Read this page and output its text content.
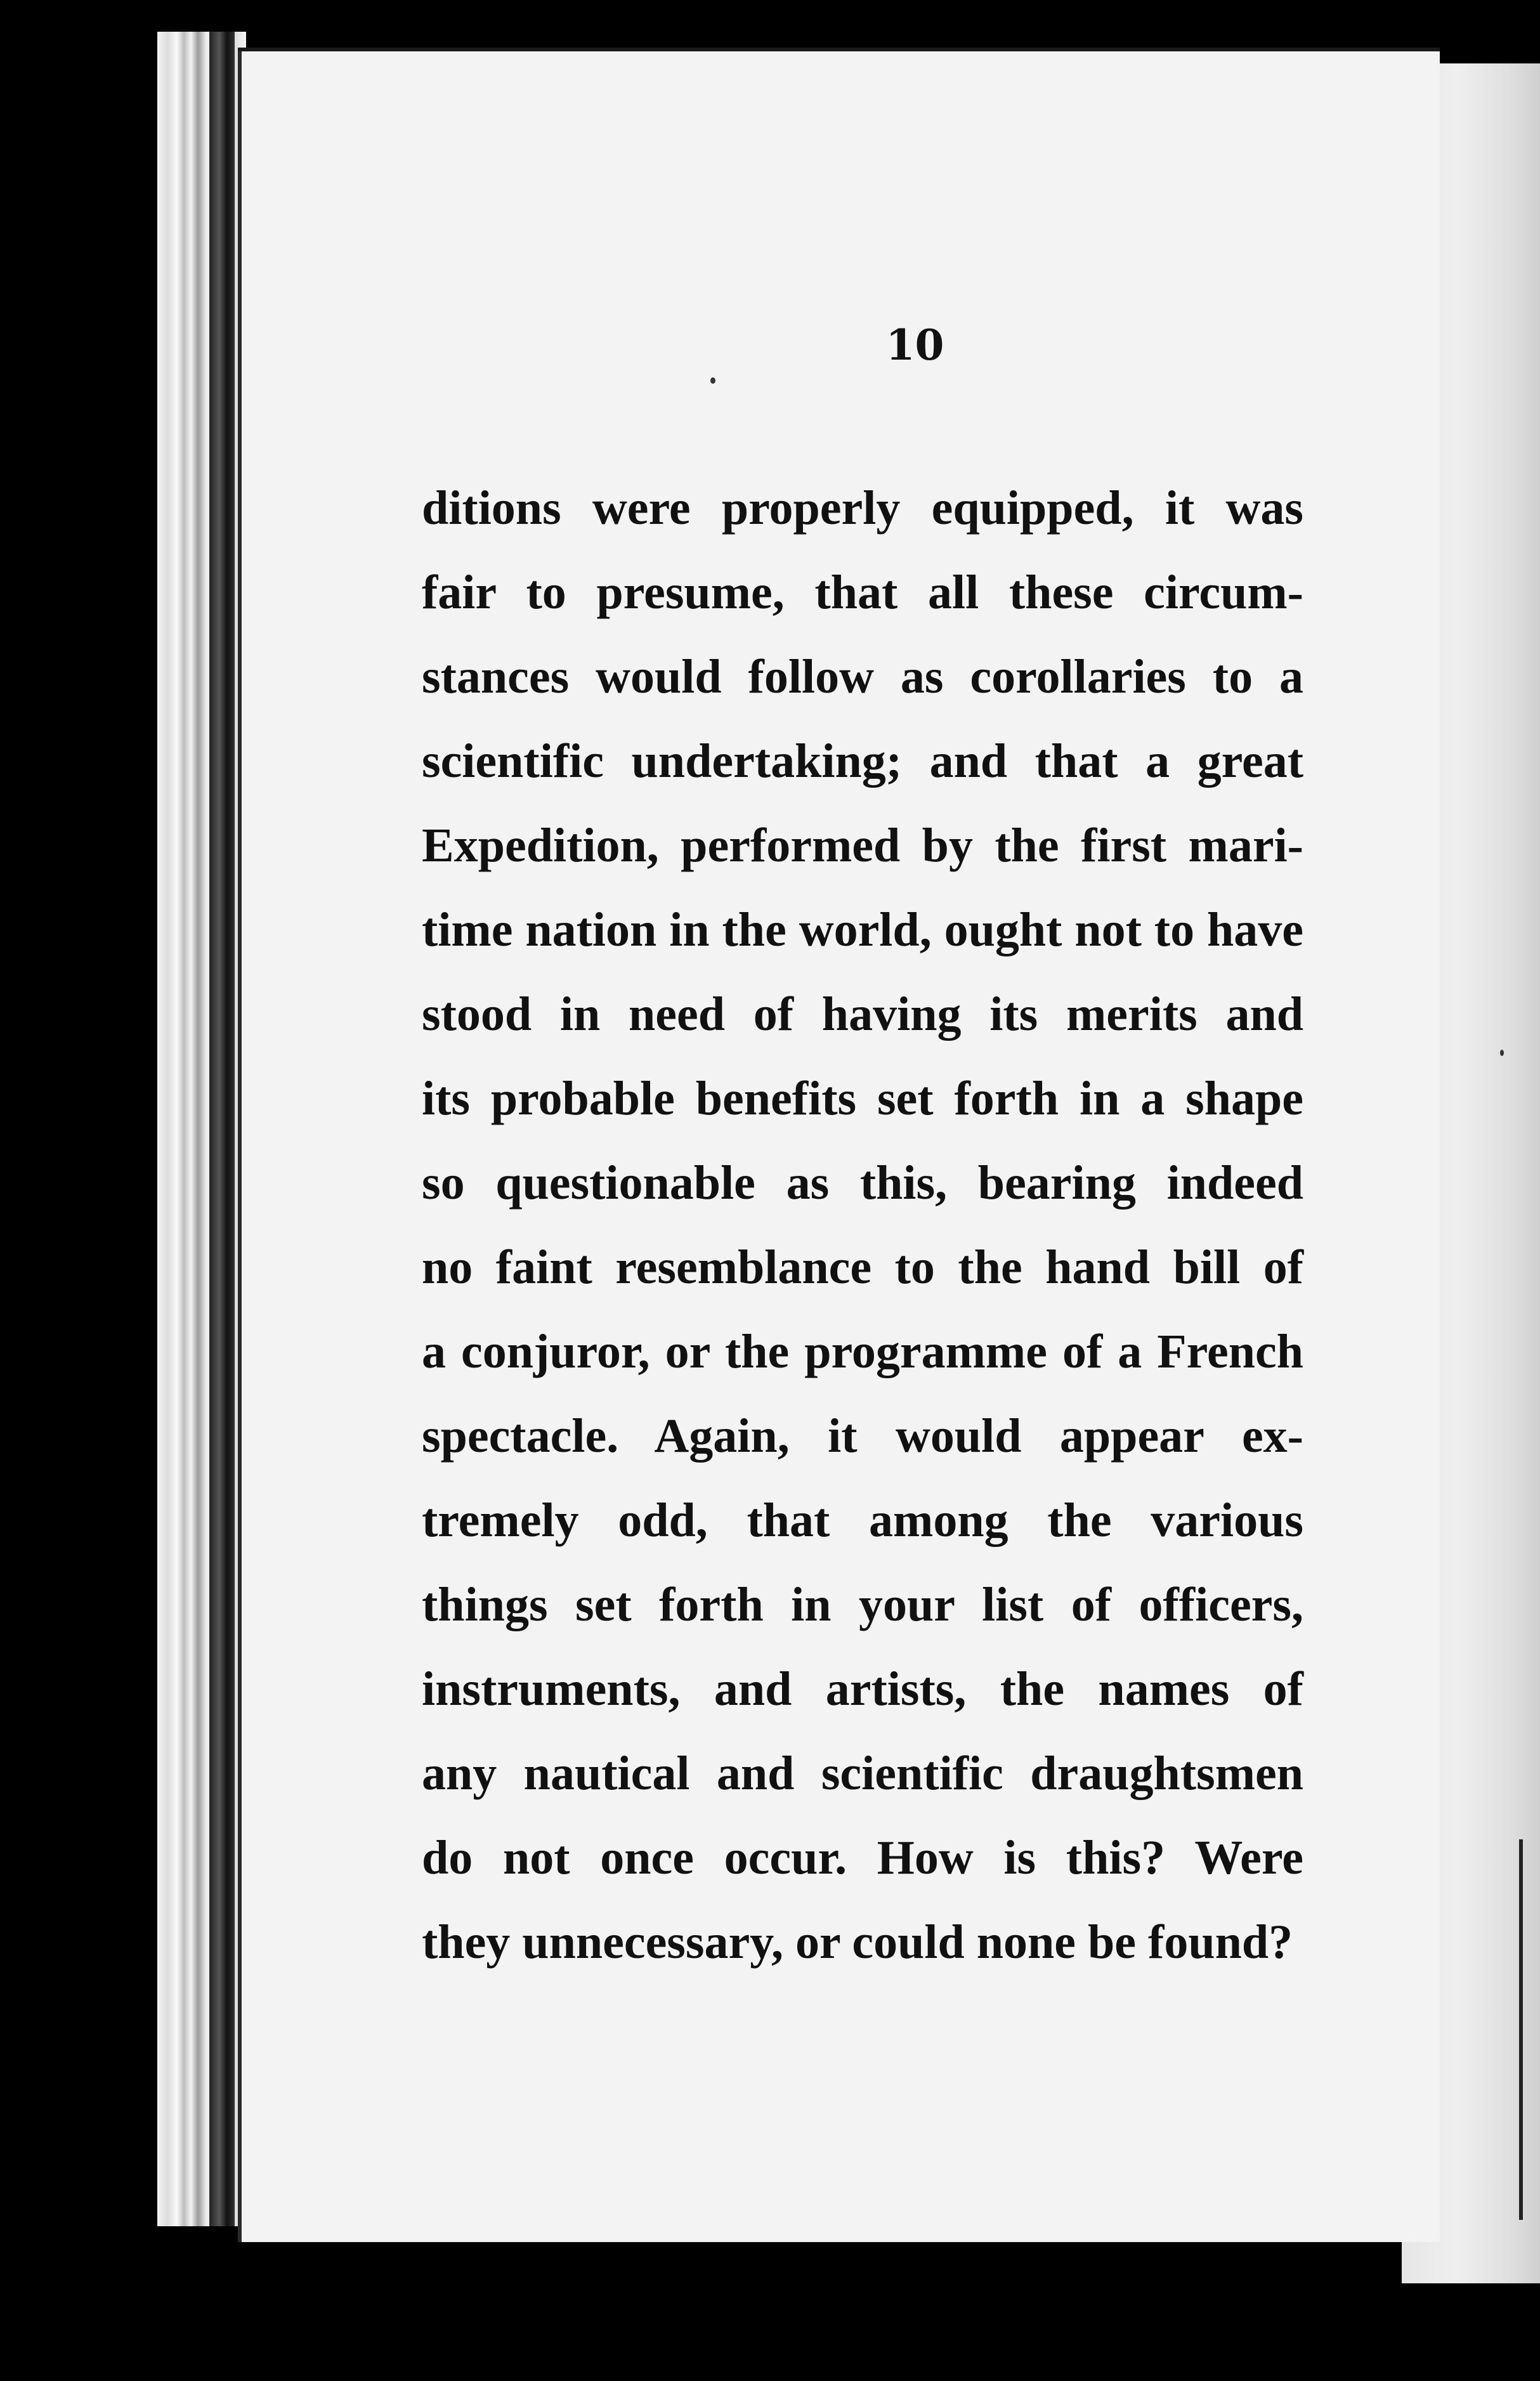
10
ditions were properly equipped, it was
fair to presume, that all these circum-
stances would follow as corollaries to a
scientific undertaking; and that a great
Expedition, performed by the first mari-
time nation in the world, ought not to have
stood in need of having its merits and
its probable benefits set forth in a shape
so questionable as this, bearing indeed
no faint resemblance to the hand bill of
a conjuror, or the programme of a French
spectacle. Again, it would appear ex-
tremely odd, that among the various
things set forth in your list of officers,
instruments, and artists, the names of
any nautical and scientific draughtsmen
do not once occur. How is this? Were
they unnecessary, or could none be found?
